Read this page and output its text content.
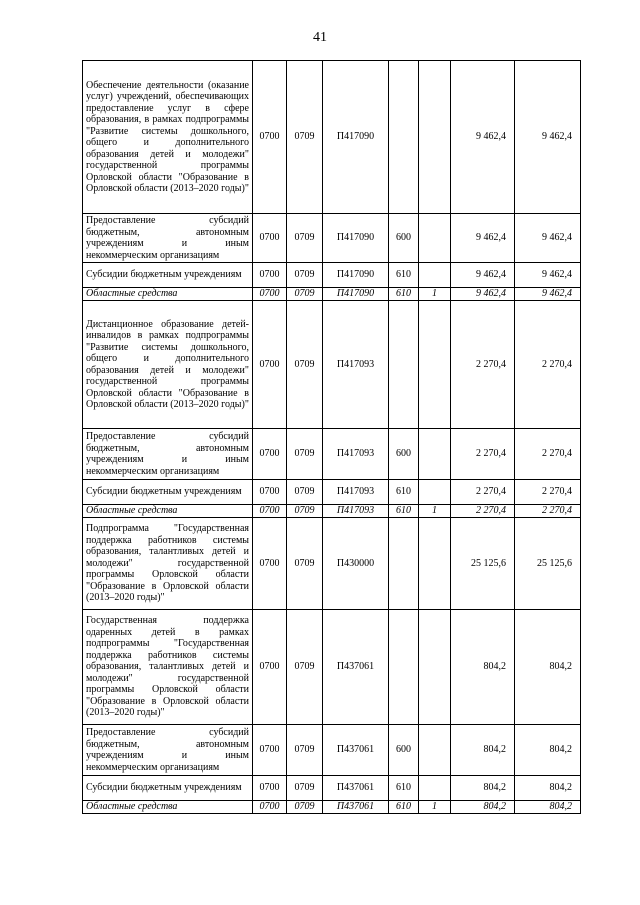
41
Обеспечение деятельности (оказание услуг) учреждений, обеспечивающих предоставление услуг в сфере образования, в рамках подпрограммы "Развитие системы дошкольного, общего и дополнительного образования детей и молодежи" государственной программы Орловской области "Образование в Орловской области (2013–2020 годы)"	0700	0709	П417090			9 462,4	9 462,4
Предоставление субсидий бюджетным, автономным учреждениям и иным некоммерческим организациям	0700	0709	П417090	600		9 462,4	9 462,4
Субсидии бюджетным учреждениям	0700	0709	П417090	610		9 462,4	9 462,4
Областные средства	0700	0709	П417090	610	1	9 462,4	9 462,4
Дистанционное образование детей-инвалидов в рамках подпрограммы "Развитие системы дошкольного, общего и дополнительного образования детей и молодежи" государственной программы Орловской области "Образование в Орловской области (2013–2020 годы)"	0700	0709	П417093			2 270,4	2 270,4
Предоставление субсидий бюджетным, автономным учреждениям и иным некоммерческим организациям	0700	0709	П417093	600		2 270,4	2 270,4
Субсидии бюджетным учреждениям	0700	0709	П417093	610		2 270,4	2 270,4
Областные средства	0700	0709	П417093	610	1	2 270,4	2 270,4
Подпрограмма "Государственная поддержка работников системы образования, талантливых детей и молодежи" государственной программы Орловской области "Образование в Орловской области (2013–2020 годы)"	0700	0709	П430000			25 125,6	25 125,6
Государственная поддержка одаренных детей в рамках подпрограммы "Государственная поддержка работников системы образования, талантливых детей и молодежи" государственной программы Орловской области "Образование в Орловской области (2013–2020 годы)"	0700	0709	П437061			804,2	804,2
Предоставление субсидий бюджетным, автономным учреждениям и иным некоммерческим организациям	0700	0709	П437061	600		804,2	804,2
Субсидии бюджетным учреждениям	0700	0709	П437061	610		804,2	804,2
Областные средства	0700	0709	П437061	610	1	804,2	804,2
